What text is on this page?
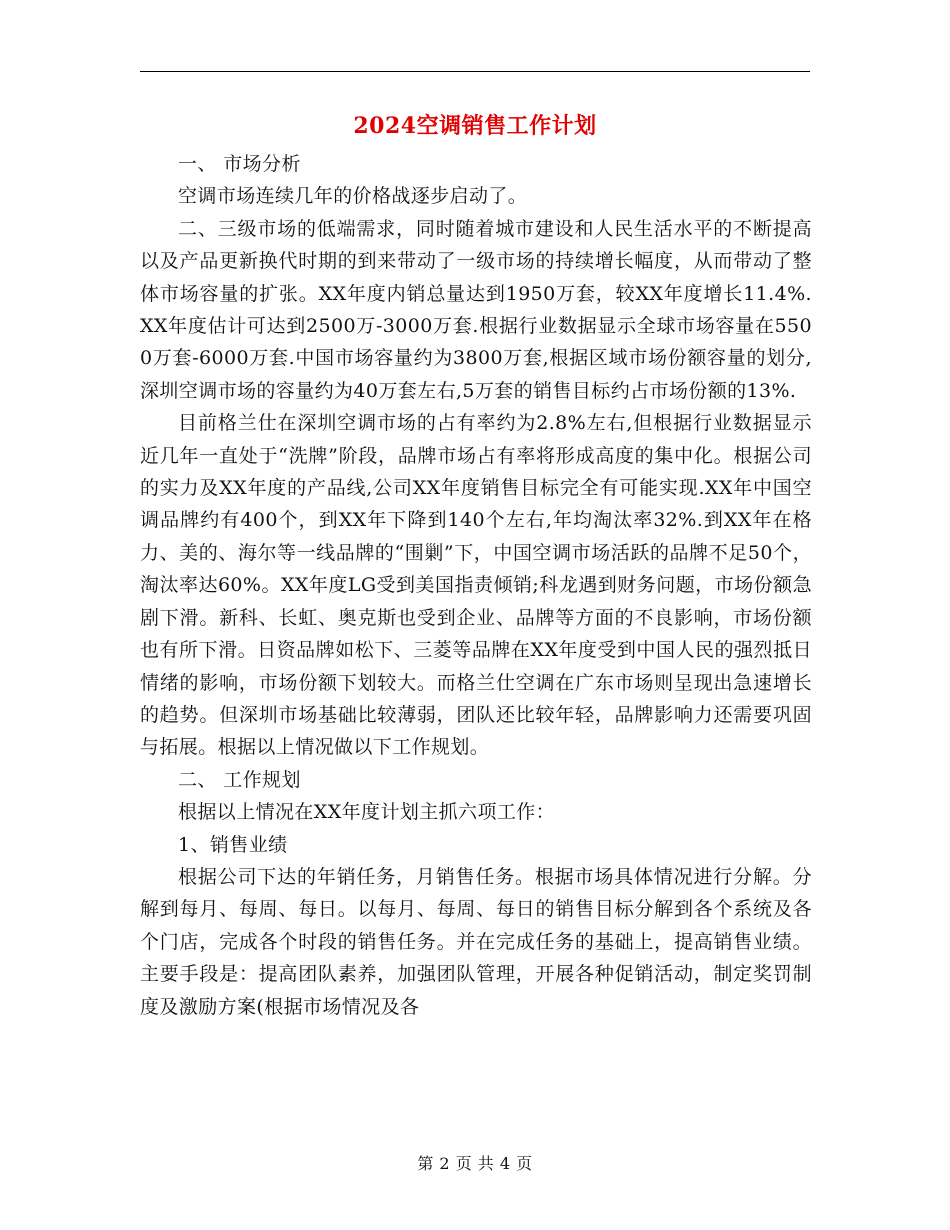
2024空调销售工作计划

一、 市场分析

空调市场连续几年的价格战逐步启动了。

二、三级市场的低端需求，同时随着城市建设和人民生活水平的不断提高以及产品更新换代时期的到来带动了一级市场的持续增长幅度，从而带动了整体市场容量的扩张。XX年度内销总量达到1950万套，较XX年度增长11.4%.XX年度估计可达到2500万-3000万套.根据行业数据显示全球市场容量在5500万套-6000万套.中国市场容量约为3800万套,根据区域市场份额容量的划分,深圳空调市场的容量约为40万套左右,5万套的销售目标约占市场份额的13%.

目前格兰仕在深圳空调市场的占有率约为2.8%左右,但根据行业数据显示近几年一直处于“洗牌”阶段，品牌市场占有率将形成高度的集中化。根据公司的实力及XX年度的产品线,公司XX年度销售目标完全有可能实现.XX年中国空调品牌约有400个，到XX年下降到140个左右,年均淘汰率32%.到XX年在格力、美的、海尔等一线品牌的“围剿”下，中国空调市场活跃的品牌不足50个，淘汰率达60%。XX年度LG受到美国指责倾销;科龙遇到财务问题，市场份额急剧下滑。新科、长虹、奥克斯也受到企业、品牌等方面的不良影响，市场份额也有所下滑。日资品牌如松下、三菱等品牌在XX年度受到中国人民的强烈抵日情绪的影响，市场份额下划较大。而格兰仕空调在广东市场则呈现出急速增长的趋势。但深圳市场基础比较薄弱，团队还比较年轻，品牌影响力还需要巩固与拓展。根据以上情况做以下工作规划。

二、 工作规划

根据以上情况在XX年度计划主抓六项工作：

1、销售业绩

根据公司下达的年销任务，月销售任务。根据市场具体情况进行分解。分解到每月、每周、每日。以每月、每周、每日的销售目标分解到各个系统及各个门店，完成各个时段的销售任务。并在完成任务的基础上，提高销售业绩。主要手段是：提高团队素养，加强团队管理，开展各种促销活动，制定奖罚制度及激励方案(根据市场情况及各

第 2 页 共 4 页
